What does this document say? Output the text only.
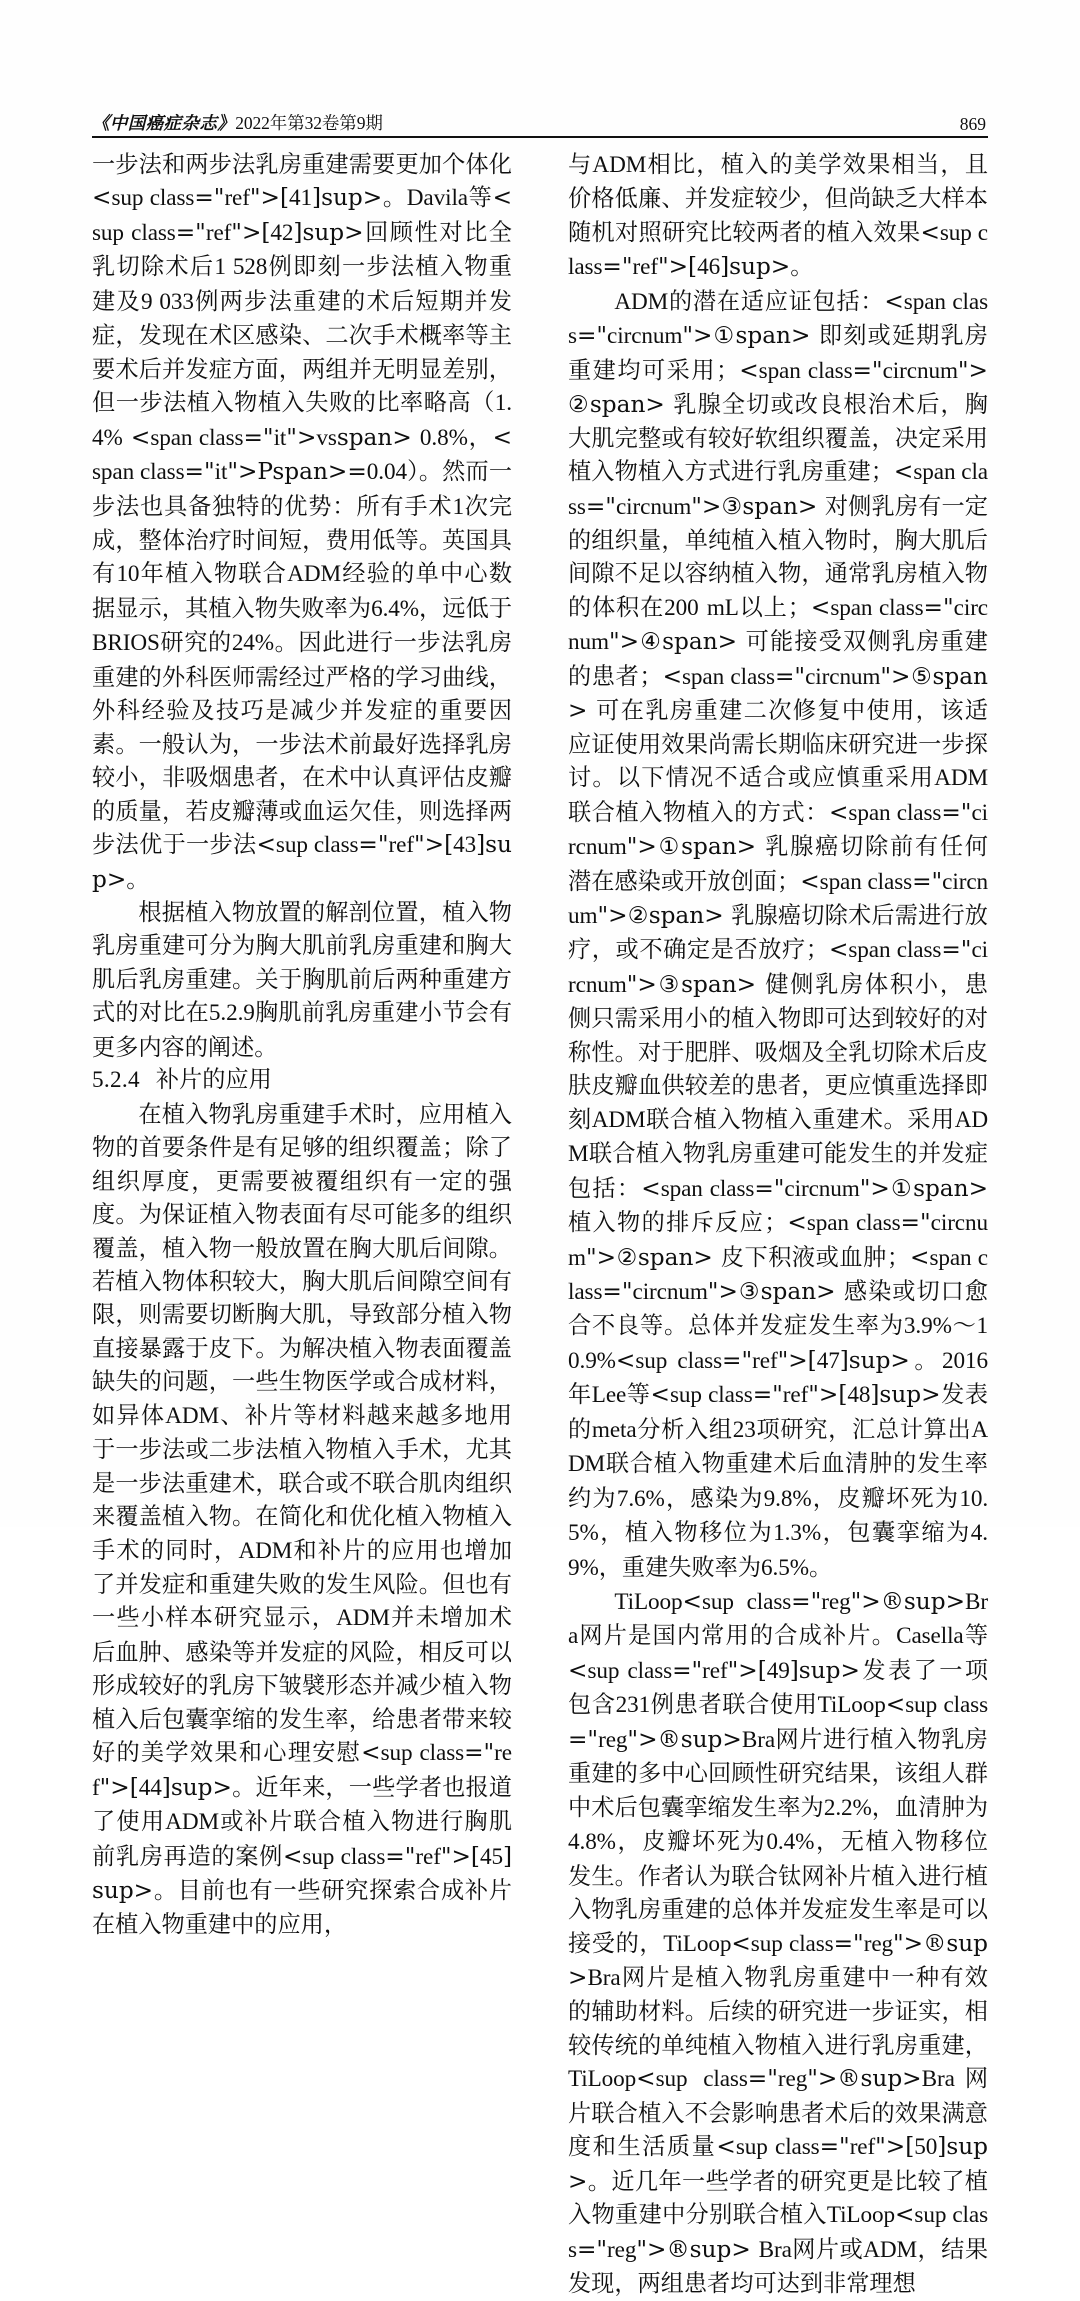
《中国癌症杂志》2022年第32卷第9期	869

一步法和两步法乳房重建需要更加个体化<sup class="ref">[41]sup>。Davila等<sup class="ref">[42]sup>回顾性对比全乳切除术后1 528例即刻一步法植入物重建及9 033例两步法重建的术后短期并发症，发现在术区感染、二次手术概率等主要术后并发症方面，两组并无明显差别，但一步法植入物植入失败的比率略高（1.4% <span class="it">vsspan> 0.8%，<span class="it">Pspan>=0.04）。然而一步法也具备独特的优势：所有手术1次完成，整体治疗时间短，费用低等。英国具有10年植入物联合ADM经验的单中心数据显示，其植入物失败率为6.4%，远低于BRIOS研究的24%。因此进行一步法乳房重建的外科医师需经过严格的学习曲线，外科经验及技巧是减少并发症的重要因素。一般认为，一步法术前最好选择乳房较小，非吸烟患者，在术中认真评估皮瓣的质量，若皮瓣薄或血运欠佳，则选择两步法优于一步法<sup class="ref">[43]sup>。

根据植入物放置的解剖位置，植入物乳房重建可分为胸大肌前乳房重建和胸大肌后乳房重建。关于胸肌前后两种重建方式的对比在5.2.9胸肌前乳房重建小节会有更多内容的阐述。

5.2.4 补片的应用

在植入物乳房重建手术时，应用植入物的首要条件是有足够的组织覆盖；除了组织厚度，更需要被覆组织有一定的强度。为保证植入物表面有尽可能多的组织覆盖，植入物一般放置在胸大肌后间隙。若植入物体积较大，胸大肌后间隙空间有限，则需要切断胸大肌，导致部分植入物直接暴露于皮下。为解决植入物表面覆盖缺失的问题，一些生物医学或合成材料，如异体ADM、补片等材料越来越多地用于一步法或二步法植入物植入手术，尤其是一步法重建术，联合或不联合肌肉组织来覆盖植入物。在简化和优化植入物植入手术的同时，ADM和补片的应用也增加了并发症和重建失败的发生风险。但也有一些小样本研究显示，ADM并未增加术后血肿、感染等并发症的风险，相反可以形成较好的乳房下皱襞形态并减少植入物植入后包囊挛缩的发生率，给患者带来较好的美学效果和心理安慰<sup class="ref">[44]sup>。近年来，一些学者也报道了使用ADM或补片联合植入物进行胸肌前乳房再造的案例<sup class="ref">[45]sup>。目前也有一些研究探索合成补片在植入物重建中的应用，

与ADM相比，植入的美学效果相当，且价格低廉、并发症较少，但尚缺乏大样本随机对照研究比较两者的植入效果<sup class="ref">[46]sup>。

ADM的潜在适应证包括：<span class="circnum">①span> 即刻或延期乳房重建均可采用；<span class="circnum">②span> 乳腺全切或改良根治术后，胸大肌完整或有较好软组织覆盖，决定采用植入物植入方式进行乳房重建；<span class="circnum">③span> 对侧乳房有一定的组织量，单纯植入植入物时，胸大肌后间隙不足以容纳植入物，通常乳房植入物的体积在200 mL以上；<span class="circnum">④span> 可能接受双侧乳房重建的患者；<span class="circnum">⑤span> 可在乳房重建二次修复中使用，该适应证使用效果尚需长期临床研究进一步探讨。以下情况不适合或应慎重采用ADM联合植入物植入的方式：<span class="circnum">①span> 乳腺癌切除前有任何潜在感染或开放创面；<span class="circnum">②span> 乳腺癌切除术后需进行放疗，或不确定是否放疗；<span class="circnum">③span> 健侧乳房体积小，患侧只需采用小的植入物即可达到较好的对称性。对于肥胖、吸烟及全乳切除术后皮肤皮瓣血供较差的患者，更应慎重选择即刻ADM联合植入物植入重建术。采用ADM联合植入物乳房重建可能发生的并发症包括：<span class="circnum">①span> 植入物的排斥反应；<span class="circnum">②span> 皮下积液或血肿；<span class="circnum">③span> 感染或切口愈合不良等。总体并发症发生率为3.9%～10.9%<sup class="ref">[47]sup>。2016年Lee等<sup class="ref">[48]sup>发表的meta分析入组23项研究，汇总计算出ADM联合植入物重建术后血清肿的发生率约为7.6%，感染为9.8%，皮瓣坏死为10.5%，植入物移位为1.3%，包囊挛缩为4.9%，重建失败率为6.5%。

TiLoop<sup class="reg">®sup>Bra网片是国内常用的合成补片。Casella等<sup class="ref">[49]sup>发表了一项包含231例患者联合使用TiLoop<sup class="reg">®sup>Bra网片进行植入物乳房重建的多中心回顾性研究结果，该组人群中术后包囊挛缩发生率为2.2%，血清肿为4.8%，皮瓣坏死为0.4%，无植入物移位发生。作者认为联合钛网补片植入进行植入物乳房重建的总体并发症发生率是可以接受的，TiLoop<sup class="reg">®sup>Bra网片是植入物乳房重建中一种有效的辅助材料。后续的研究进一步证实，相较传统的单纯植入物植入进行乳房重建，TiLoop<sup class="reg">®sup>Bra网片联合植入不会影响患者术后的效果满意度和生活质量<sup class="ref">[50]sup>。近几年一些学者的研究更是比较了植入物重建中分别联合植入TiLoop<sup class="reg">®sup> Bra网片或ADM，结果发现，两组患者均可达到非常理想
